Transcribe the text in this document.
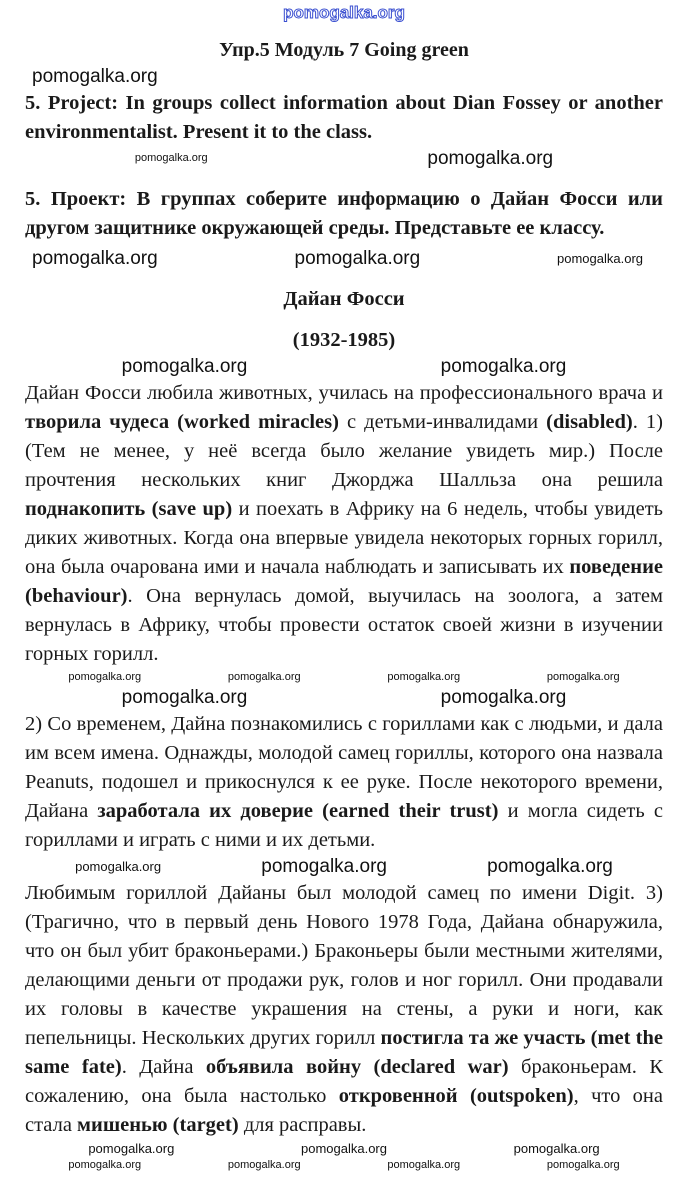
pomogalka.org

Упр.5 Модуль 7 Going green

pomogalka.org

5. Project: In groups collect information about Dian Fossey or another environmentalist. Present it to the class.

pomogalka.org	pomogalka.org

5. Проект: В группах соберите информацию о Дайан Фосси или другом защитнике окружающей среды. Представьте ее классу.

pomogalka.org	pomogalka.org	pomogalka.org

Дайан Фосси

(1932-1985)

pomogalka.org	pomogalka.org

Дайан Фосси любила животных, училась на профессионального врача и творила чудеса (worked miracles) с детьми-инвалидами (disabled). 1) (Тем не менее, у неё всегда было желание увидеть мир.) После прочтения нескольких книг Джорджа Шалльза она решила поднакопить (save up) и поехать в Африку на 6 недель, чтобы увидеть диких животных. Когда она впервые увидела некоторых горных горилл, она была очарована ими и начала наблюдать и записывать их поведение (behaviour). Она вернулась домой, выучилась на зоолога, а затем вернулась в Африку, чтобы провести остаток своей жизни в изучении горных горилл.

pomogalka.org	pomogalka.org	pomogalka.org	pomogalka.org
pomogalka.org	pomogalka.org

2) Со временем, Дайна познакомились с гориллами как с людьми, и дала им всем имена. Однажды, молодой самец гориллы, которого она назвала Peanuts, подошел и прикоснулся к ее руке. После некоторого времени, Дайана заработала их доверие (earned their trust) и могла сидеть с гориллами и играть с ними и их детьми.

pomogalka.org	pomogalka.org	pomogalka.org

Любимым гориллой Дайаны был молодой самец по имени Digit. 3) (Трагично, что в первый день Нового 1978 Года, Дайана обнаружила, что он был убит браконьерами.) Браконьеры были местными жителями, делающими деньги от продажи рук, голов и ног горилл. Они продавали их головы в качестве украшения на стены, а руки и ноги, как пепельницы. Нескольких других горилл постигла та же участь (met the same fate). Дайна объявила войну (declared war) браконьерам. К сожалению, она была настолько откровенной (outspoken), что она стала мишенью (target) для расправы.

pomogalka.org	pomogalka.org	pomogalka.org
pomogalka.org	pomogalka.org	pomogalka.org	pomogalka.org
